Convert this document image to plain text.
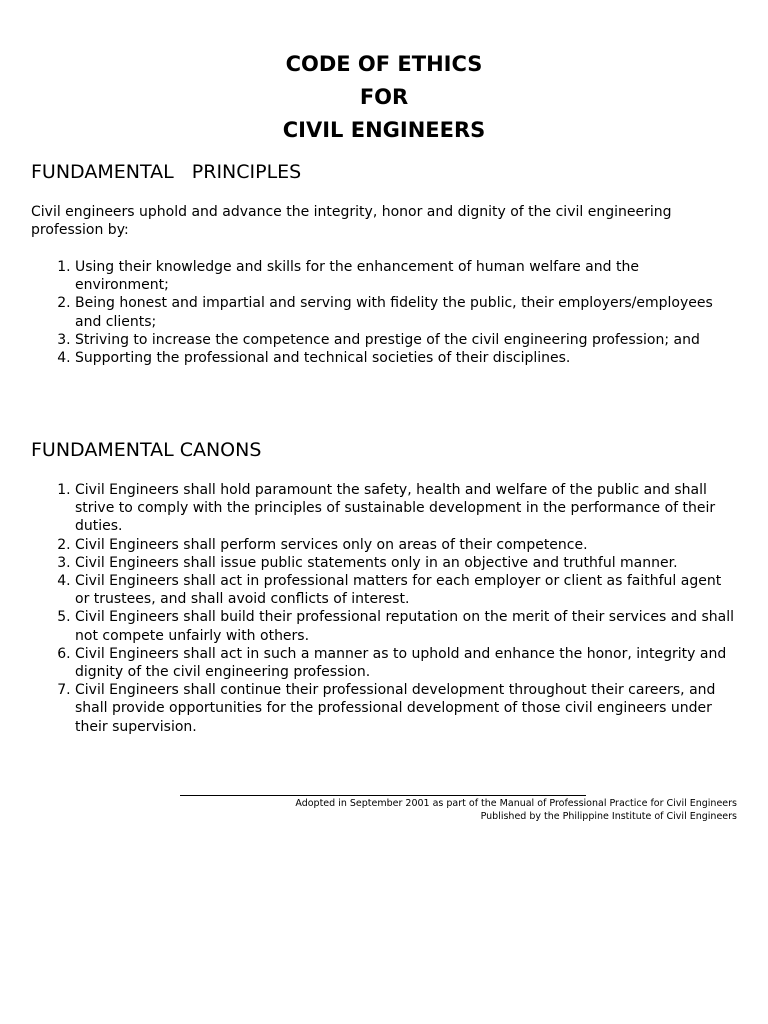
CODE OF ETHICS
FOR
CIVIL ENGINEERS
FUNDAMENTAL   PRINCIPLES
Civil engineers uphold and advance the integrity, honor and dignity of the civil engineering profession by:
1. Using their knowledge and skills for the enhancement of human welfare and the environment;
2. Being honest and impartial and serving with fidelity the public, their employers/employees and clients;
3. Striving to increase the competence and prestige of the civil engineering profession; and
4. Supporting the professional and technical societies of their disciplines.
FUNDAMENTAL CANONS
1. Civil Engineers shall hold paramount the safety, health and welfare of the public and shall strive to comply with the principles of sustainable development in the performance of their duties.
2. Civil Engineers shall perform services only on areas of their competence.
3. Civil Engineers shall issue public statements only in an objective and truthful manner.
4. Civil Engineers shall act in professional matters for each employer or client as faithful agent or trustees, and shall avoid conflicts of interest.
5. Civil Engineers shall build their professional reputation on the merit of their services and shall not compete unfairly with others.
6. Civil Engineers shall act in such a manner as to uphold and enhance the honor, integrity and dignity of the civil engineering profession.
7. Civil Engineers shall continue their professional development throughout their careers, and shall provide opportunities for the professional development of those civil engineers under their supervision.
Adopted in September 2001 as part of the Manual of Professional Practice for Civil Engineers
Published by the Philippine Institute of Civil Engineers
